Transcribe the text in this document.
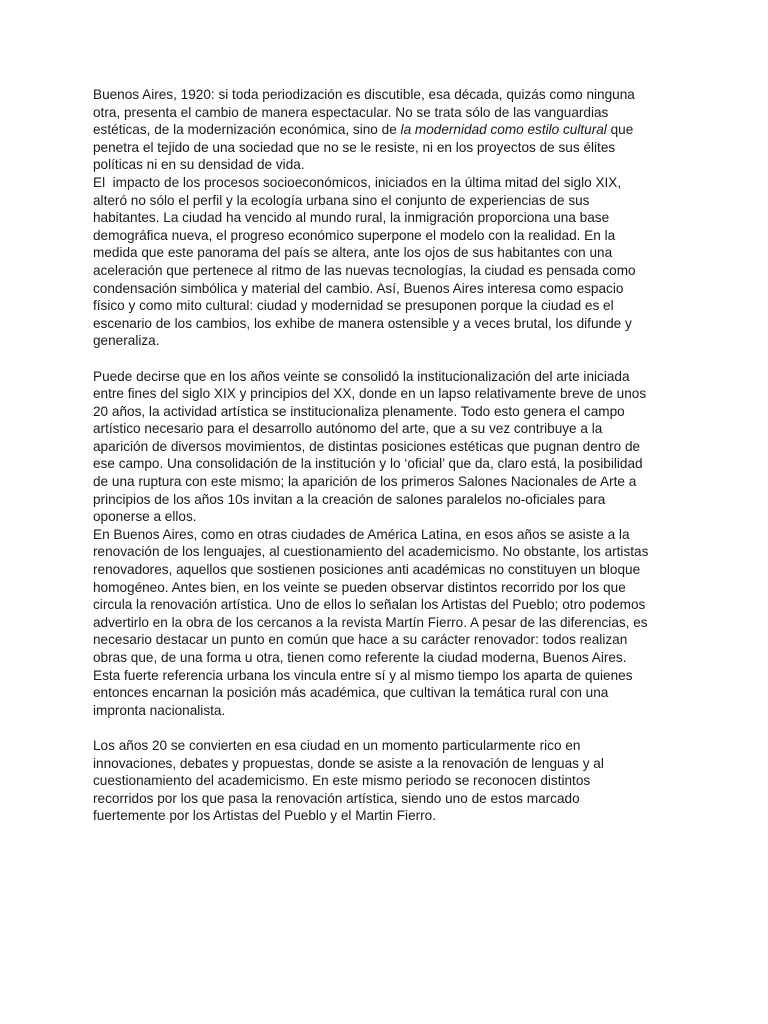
Buenos Aires, 1920: si toda periodización es discutible, esa década, quizás como ninguna
otra, presenta el cambio de manera espectacular. No se trata sólo de las vanguardias
estéticas, de la modernización económica, sino de la modernidad como estilo cultural que
penetra el tejido de una sociedad que no se le resiste, ni en los proyectos de sus élites
políticas ni en su densidad de vida.
El  impacto de los procesos socioeconómicos, iniciados en la última mitad del siglo XIX,
alteró no sólo el perfil y la ecología urbana sino el conjunto de experiencias de sus
habitantes. La ciudad ha vencido al mundo rural, la inmigración proporciona una base
demográfica nueva, el progreso económico superpone el modelo con la realidad. En la
medida que este panorama del país se altera, ante los ojos de sus habitantes con una
aceleración que pertenece al ritmo de las nuevas tecnologías, la ciudad es pensada como
condensación simbólica y material del cambio. Así, Buenos Aires interesa como espacio
físico y como mito cultural: ciudad y modernidad se presuponen porque la ciudad es el
escenario de los cambios, los exhibe de manera ostensible y a veces brutal, los difunde y
generaliza.
Puede decirse que en los años veinte se consolidó la institucionalización del arte iniciada
entre fines del siglo XIX y principios del XX, donde en un lapso relativamente breve de unos
20 años, la actividad artística se institucionaliza plenamente. Todo esto genera el campo
artístico necesario para el desarrollo autónomo del arte, que a su vez contribuye a la
aparición de diversos movimientos, de distintas posiciones estéticas que pugnan dentro de
ese campo. Una consolidación de la institución y lo ‘oficial’ que da, claro está, la posibilidad
de una ruptura con este mismo; la aparición de los primeros Salones Nacionales de Arte a
principios de los años 10s invitan a la creación de salones paralelos no-oficiales para
oponerse a ellos.
En Buenos Aires, como en otras ciudades de América Latina, en esos años se asiste a la
renovación de los lenguajes, al cuestionamiento del academicismo. No obstante, los artistas
renovadores, aquellos que sostienen posiciones anti académicas no constituyen un bloque
homogéneo. Antes bien, en los veinte se pueden observar distintos recorrido por los que
circula la renovación artística. Uno de ellos lo señalan los Artistas del Pueblo; otro podemos
advertirlo en la obra de los cercanos a la revista Martín Fierro. A pesar de las diferencias, es
necesario destacar un punto en común que hace a su carácter renovador: todos realizan
obras que, de una forma u otra, tienen como referente la ciudad moderna, Buenos Aires.
Esta fuerte referencia urbana los vincula entre sí y al mismo tiempo los aparta de quienes
entonces encarnan la posición más académica, que cultivan la temática rural con una
impronta nacionalista.
Los años 20 se convierten en esa ciudad en un momento particularmente rico en
innovaciones, debates y propuestas, donde se asiste a la renovación de lenguas y al
cuestionamiento del academicismo. En este mismo periodo se reconocen distintos
recorridos por los que pasa la renovación artística, siendo uno de estos marcado
fuertemente por los Artistas del Pueblo y el Martin Fierro.
